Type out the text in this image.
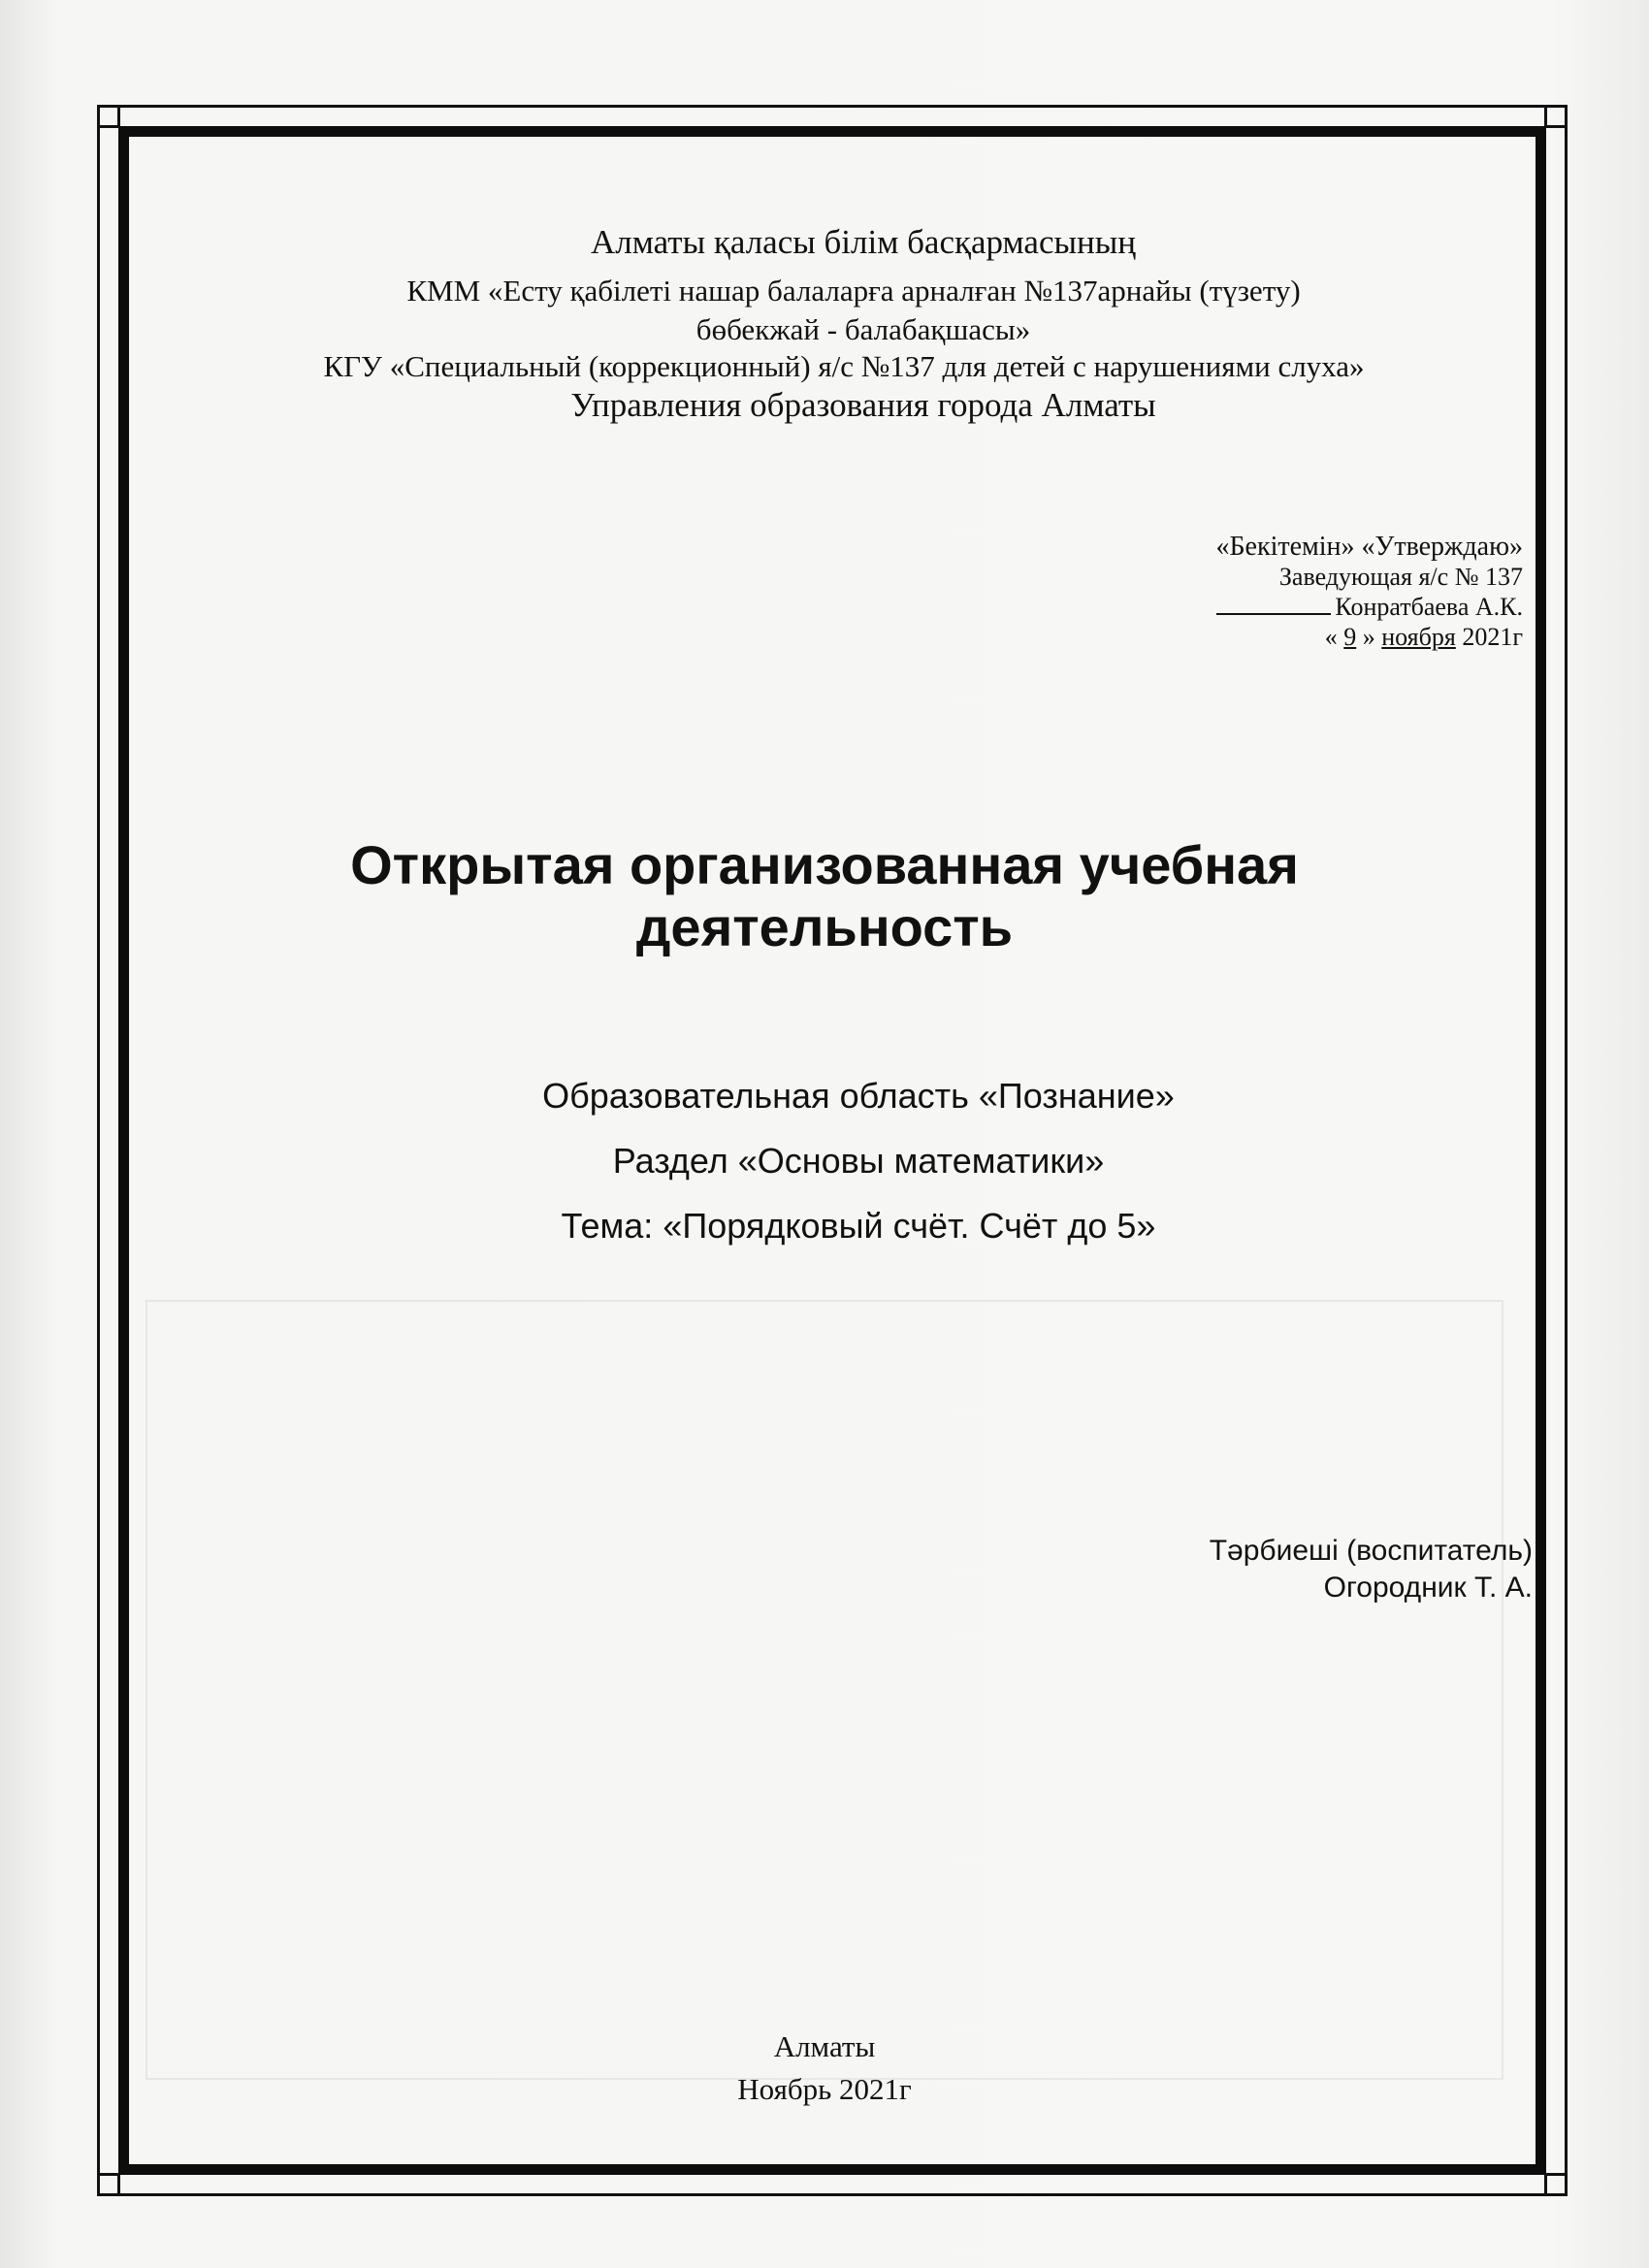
Алматы қаласы білім басқармасының
КММ «Есту қабілеті нашар балаларға арналған №137арнайы (түзету)
бөбекжай - балабақшасы»
КГУ «Специальный (коррекционный) я/с №137 для детей с нарушениями слуха»
Управления образования города Алматы
«Бекітемін» «Утверждаю»
Заведующая я/с № 137
Конратбаева А.К.
« 9 » ноября 2021г
Открытая организованная учебная
деятельность
Образовательная область «Познание»
Раздел «Основы математики»
Тема: «Порядковый счёт. Счёт до 5»
Тәрбиеші (воспитатель)
Огородник Т. А.
Алматы
Ноябрь 2021г
